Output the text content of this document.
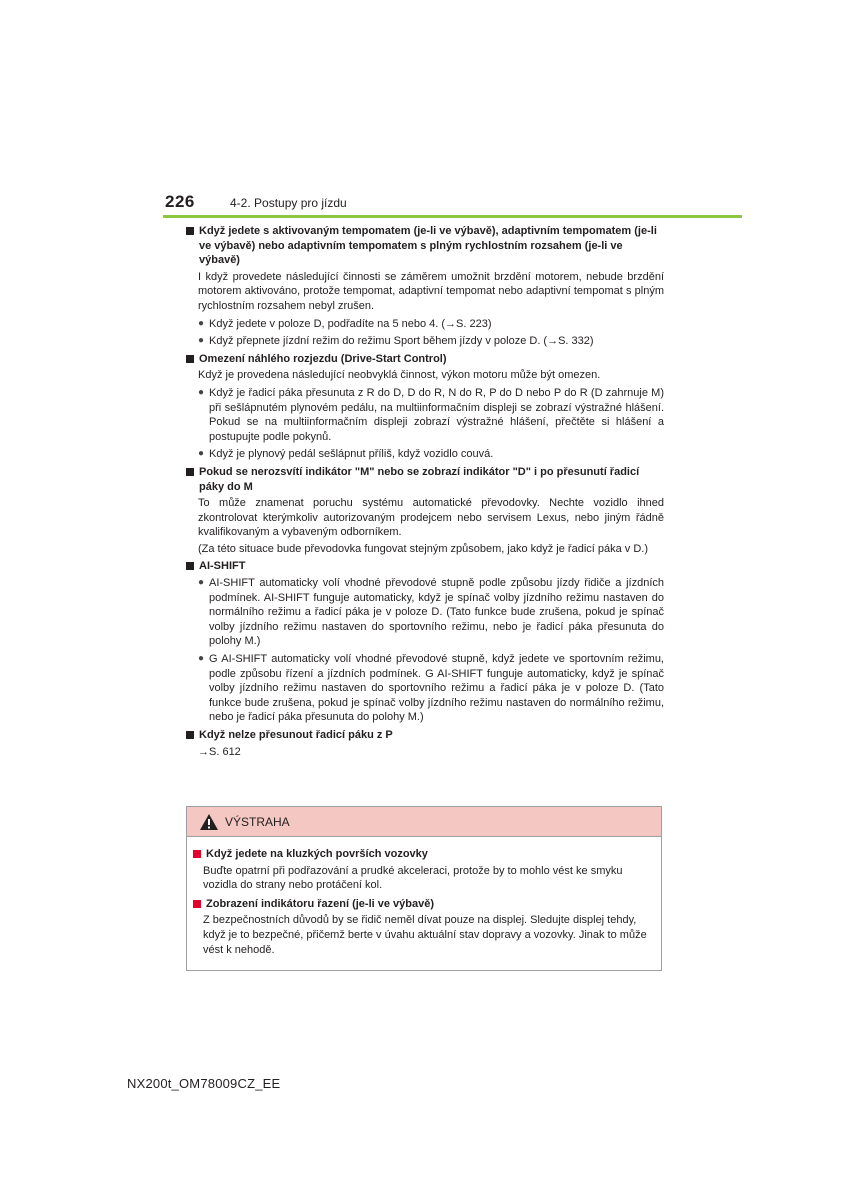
226	4-2. Postupy pro jízdu
Když jedete s aktivovaným tempomatem (je-li ve výbavě), adaptivním tempomatem (je-li ve výbavě) nebo adaptivním tempomatem s plným rychlostním rozsahem (je-li ve výbavě)
I když provedete následující činnosti se záměrem umožnit brzdění motorem, nebude brzdění motorem aktivováno, protože tempomat, adaptivní tempomat nebo adaptivní tempomat s plným rychlostním rozsahem nebyl zrušen.
● Když jedete v poloze D, podřadíte na 5 nebo 4. (→S. 223)
● Když přepnete jízdní režim do režimu Sport během jízdy v poloze D. (→S. 332)
Omezení náhlého rozjezdu (Drive-Start Control)
Když je provedena následující neobvyklá činnost, výkon motoru může být omezen.
● Když je řadicí páka přesunuta z R do D, D do R, N do R, P do D nebo P do R (D zahrnuje M) při sešlápnutém plynovém pedálu, na multiinformačním displeji se zobrazí výstražné hlášení. Pokud se na multiinformačním displeji zobrazí výstražné hlášení, přečtěte si hlášení a postupujte podle pokynů.
● Když je plynový pedál sešlápnut příliš, když vozidlo couvá.
Pokud se nerozsvítí indikátor "M" nebo se zobrazí indikátor "D" i po přesunutí řadicí páky do M
To může znamenat poruchu systému automatické převodovky. Nechte vozidlo ihned zkontrolovat kterýmkoliv autorizovaným prodejcem nebo servisem Lexus, nebo jiným řádně kvalifikovaným a vybaveným odborníkem.
(Za této situace bude převodovka fungovat stejným způsobem, jako když je řadicí páka v D.)
AI-SHIFT
● AI-SHIFT automaticky volí vhodné převodové stupně podle způsobu jízdy řidiče a jízdních podmínek. AI-SHIFT funguje automaticky, když je spínač volby jízdního režimu nastaven do normálního režimu a řadicí páka je v poloze D. (Tato funkce bude zrušena, pokud je spínač volby jízdního režimu nastaven do sportovního režimu, nebo je řadicí páka přesunuta do polohy M.)
● G AI-SHIFT automaticky volí vhodné převodové stupně, když jedete ve sportovním režimu, podle způsobu řízení a jízdních podmínek. G AI-SHIFT funguje automaticky, když je spínač volby jízdního režimu nastaven do sportovního režimu a řadicí páka je v poloze D. (Tato funkce bude zrušena, pokud je spínač volby jízdního režimu nastaven do normálního režimu, nebo je řadicí páka přesunuta do polohy M.)
Když nelze přesunout řadicí páku z P
→S. 612
VÝSTRAHA
Když jedete na kluzkých površích vozovky
Buďte opatrní při podřazování a prudké akceleraci, protože by to mohlo vést ke smyku vozidla do strany nebo protáčení kol.
Zobrazení indikátoru řazení (je-li ve výbavě)
Z bezpečnostních důvodů by se řidič neměl dívat pouze na displej. Sledujte displej tehdy, když je to bezpečné, přičemž berte v úvahu aktuální stav dopravy a vozovky. Jinak to může vést k nehodě.
NX200t_OM78009CZ_EE
